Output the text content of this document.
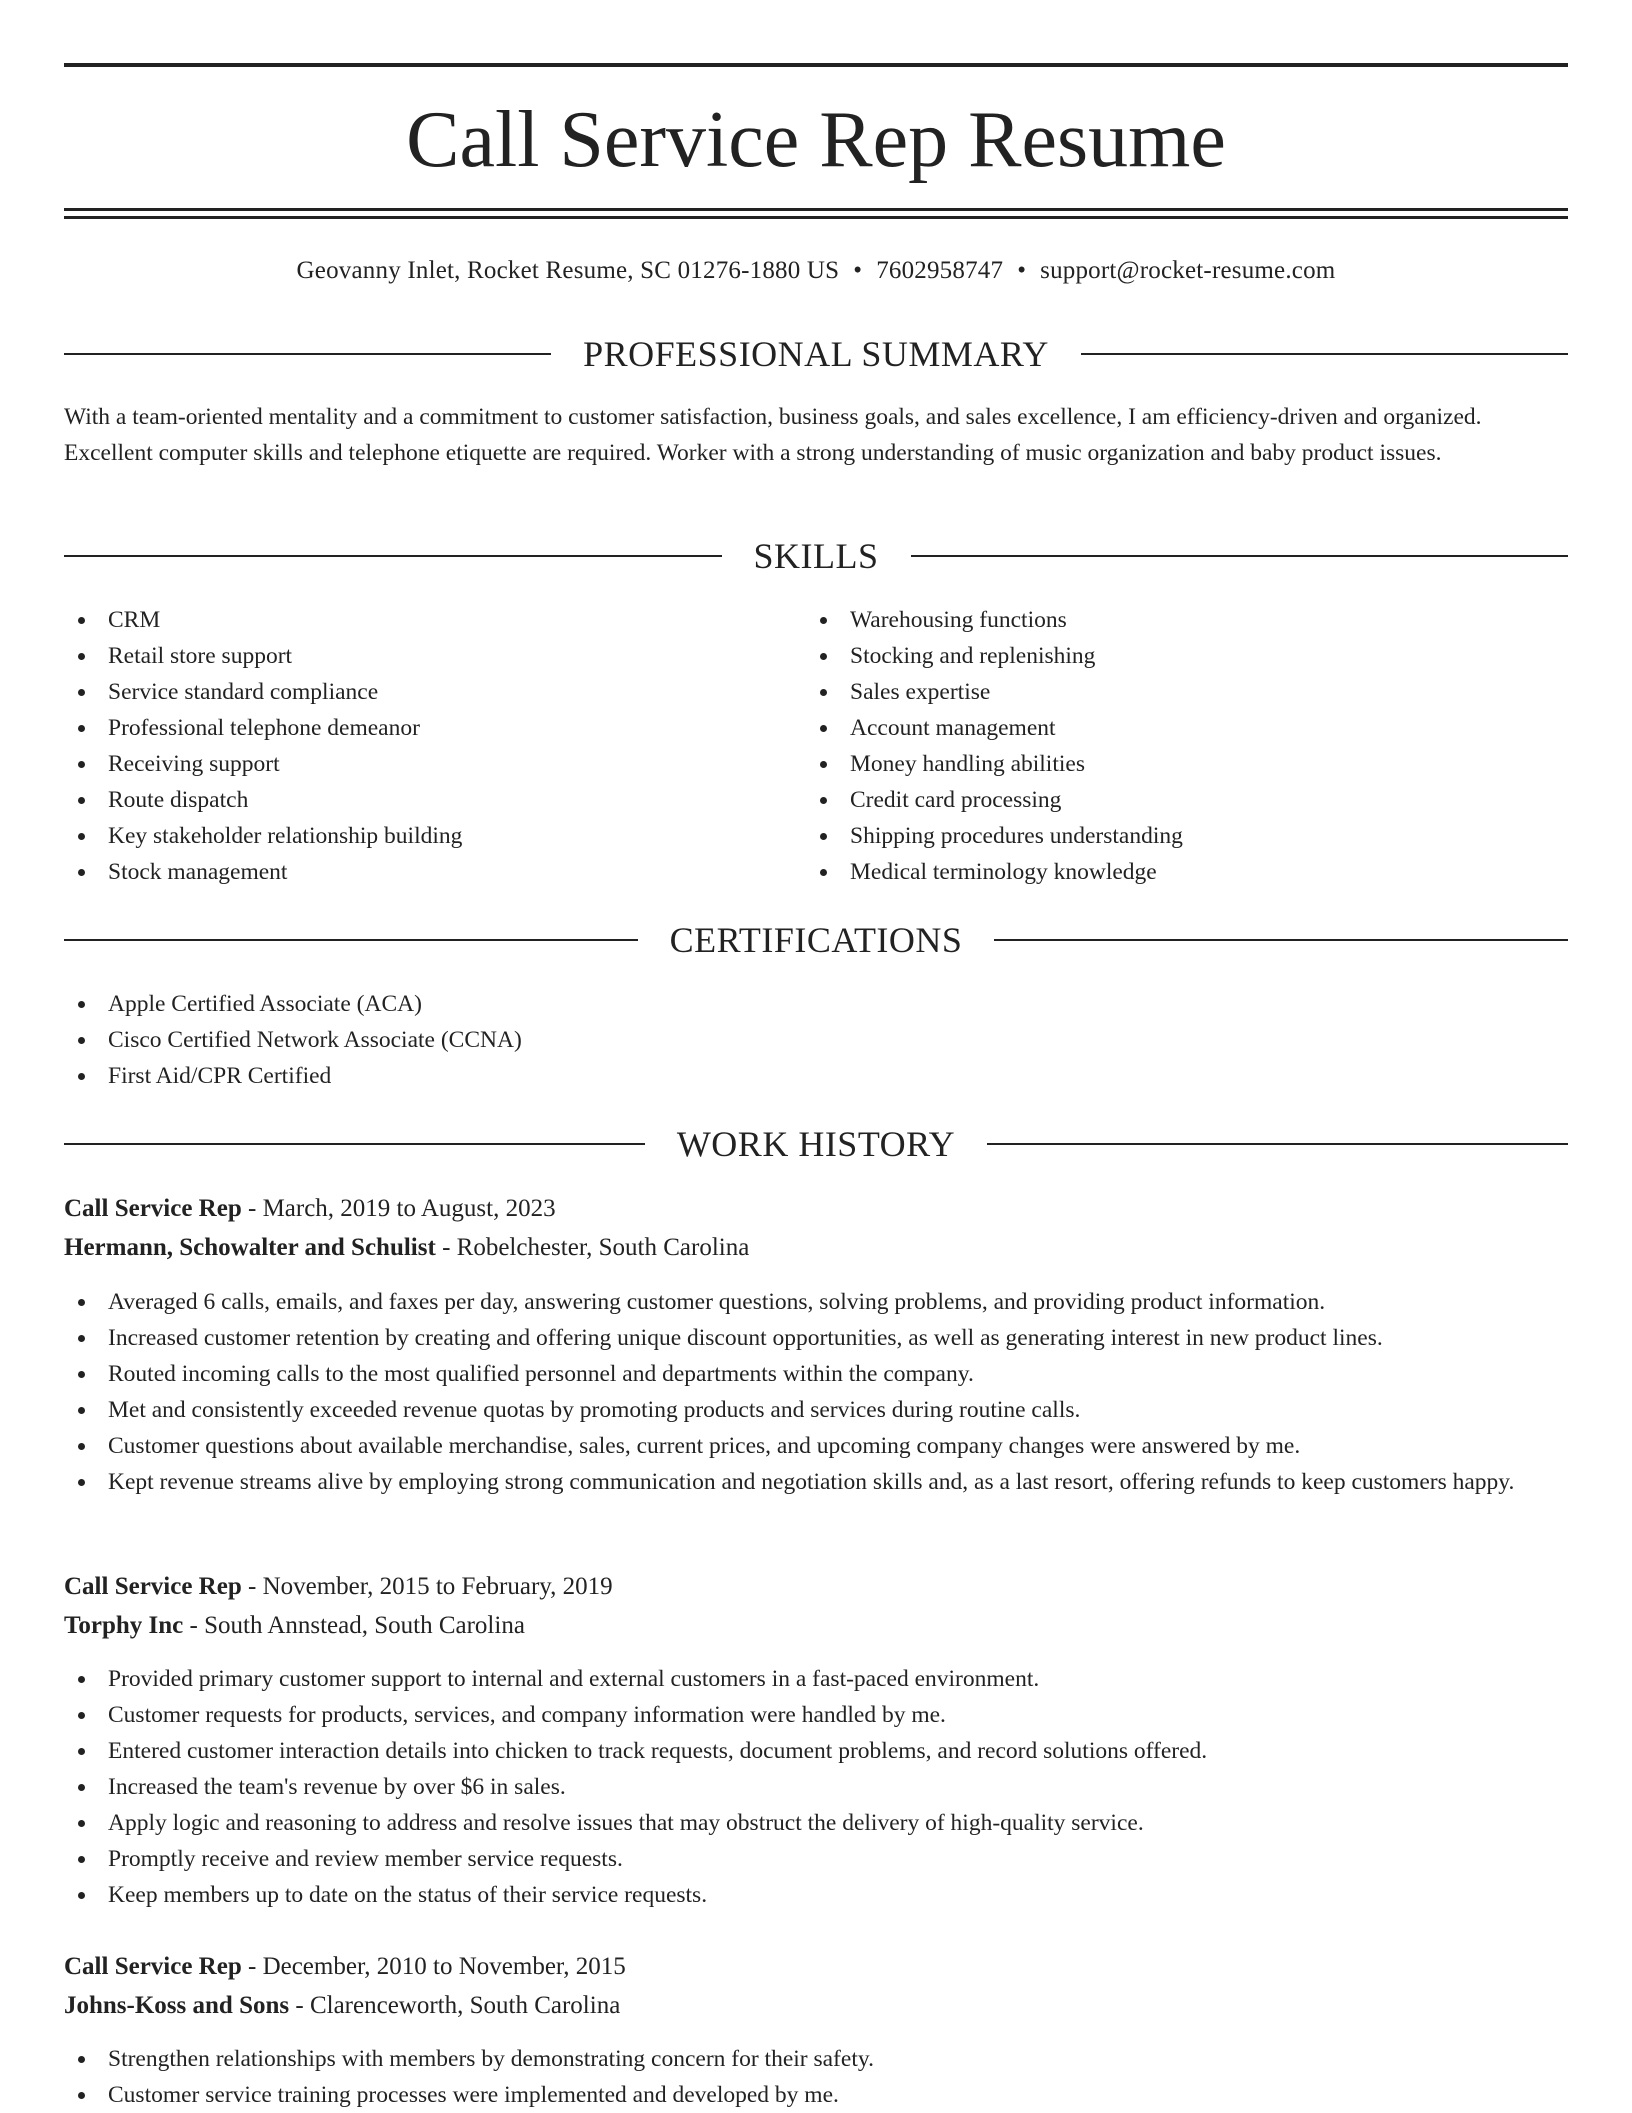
Call Service Rep Resume
Geovanny Inlet, Rocket Resume, SC 01276-1880 US • 7602958747 • support@rocket-resume.com
PROFESSIONAL SUMMARY

With a team-oriented mentality and a commitment to customer satisfaction, business goals, and sales excellence, I am efficiency-driven and organized. Excellent computer skills and telephone etiquette are required. Worker with a strong understanding of music organization and baby product issues.

SKILLS
CRM
Retail store support
Service standard compliance
Professional telephone demeanor
Receiving support
Route dispatch
Key stakeholder relationship building
Stock management
Warehousing functions
Stocking and replenishing
Sales expertise
Account management
Money handling abilities
Credit card processing
Shipping procedures understanding
Medical terminology knowledge
CERTIFICATIONS
Apple Certified Associate (ACA)
Cisco Certified Network Associate (CCNA)
First Aid/CPR Certified
WORK HISTORY
Call Service Rep - March, 2019 to August, 2023
Hermann, Schowalter and Schulist - Robelchester, South Carolina
Averaged 6 calls, emails, and faxes per day, answering customer questions, solving problems, and providing product information.
Increased customer retention by creating and offering unique discount opportunities, as well as generating interest in new product lines.
Routed incoming calls to the most qualified personnel and departments within the company.
Met and consistently exceeded revenue quotas by promoting products and services during routine calls.
Customer questions about available merchandise, sales, current prices, and upcoming company changes were answered by me.
Kept revenue streams alive by employing strong communication and negotiation skills and, as a last resort, offering refunds to keep customers happy.
Call Service Rep - November, 2015 to February, 2019
Torphy Inc - South Annstead, South Carolina
Provided primary customer support to internal and external customers in a fast-paced environment.
Customer requests for products, services, and company information were handled by me.
Entered customer interaction details into chicken to track requests, document problems, and record solutions offered.
Increased the team's revenue by over $6 in sales.
Apply logic and reasoning to address and resolve issues that may obstruct the delivery of high-quality service.
Promptly receive and review member service requests.
Keep members up to date on the status of their service requests.
Call Service Rep - December, 2010 to November, 2015
Johns-Koss and Sons - Clarenceworth, South Carolina
Strengthen relationships with members by demonstrating concern for their safety.
Customer service training processes were implemented and developed by me.
